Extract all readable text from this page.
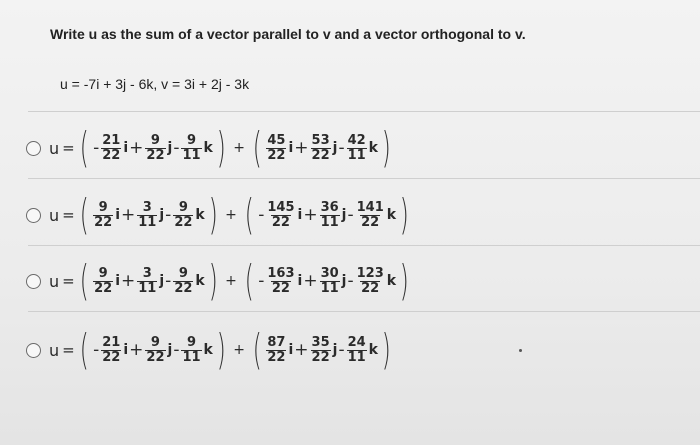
Write u as the sum of a vector parallel to v and a vector orthogonal to v.
u = -7i + 3j - 6k, v = 3i + 2j - 3k
u = ( - $\frac{21}{22}$ $i + \frac{9}{22}$ j - $\frac{9}{11}$ k ) + ( $\frac{45}{22}$ $i + \frac{53}{22}$ j - $\frac{42}{11}$ k )
u = ( $\frac{9}{22}$ $i + \frac{3}{11}$ j - $\frac{9}{22}$ k ) + ( - $\frac{145}{22}$ $i + \frac{36}{11}$ j - $\frac{141}{22}$ k )
u = ( $\frac{9}{22}$ $i + \frac{3}{11}$ j - $\frac{9}{22}$ k ) + ( - $\frac{163}{22}$ $i + \frac{30}{11}$ j - $\frac{123}{22}$ k )
u = ( - $\frac{21}{22}$ $i + \frac{9}{22}$ j - $\frac{9}{11}$ k ) + ( $\frac{87}{22}$ $i + \frac{35}{22}$ j - $\frac{24}{11}$ k )
